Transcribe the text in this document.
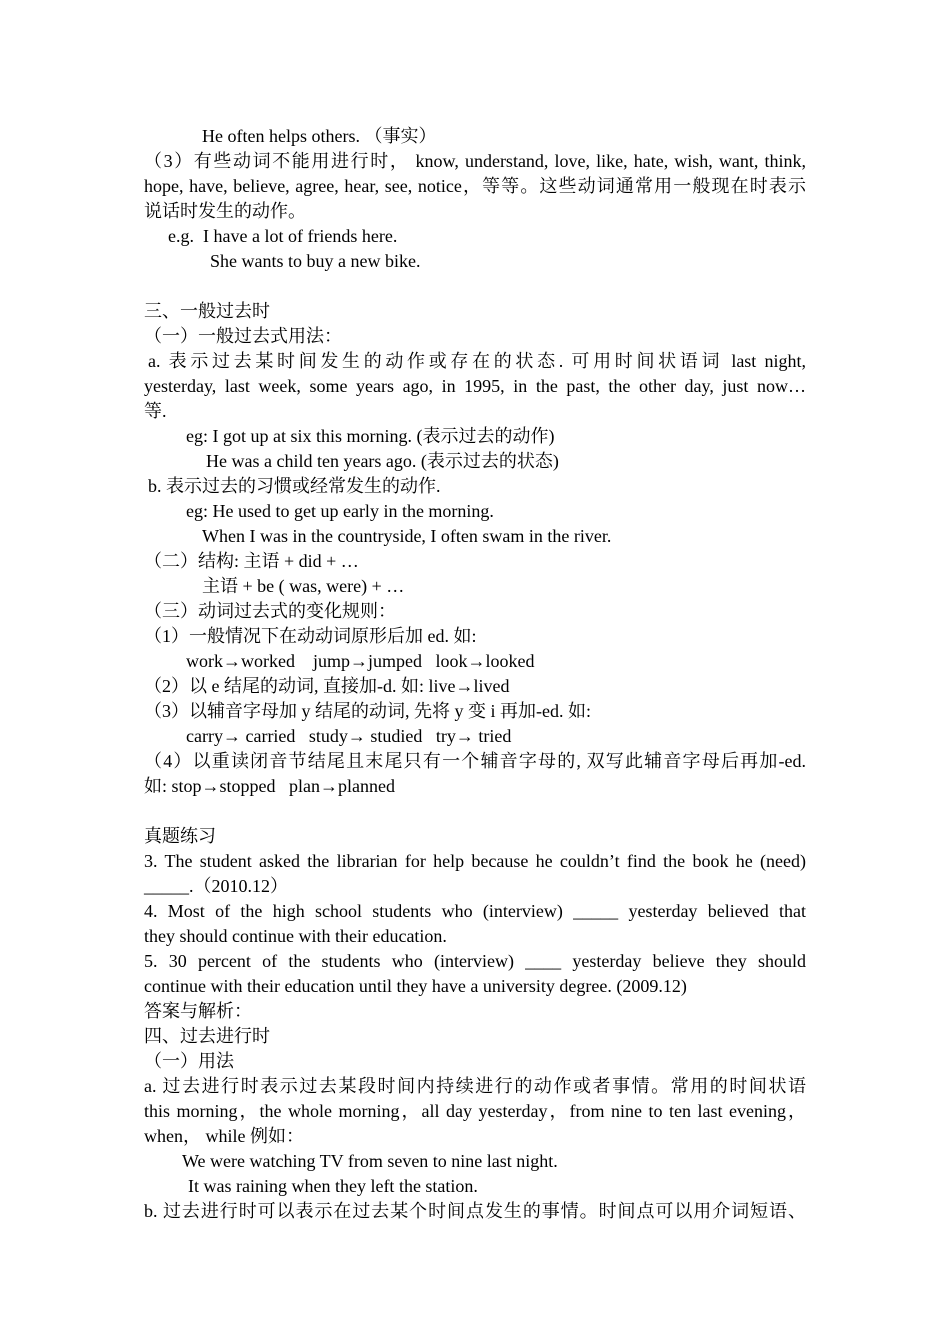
He often helps others. （事实）
（3）有些动词不能用进行时， know, understand, love, like, hate, wish, want, think,
hope, have, believe, agree, hear, see, notice，等等。这些动词通常用一般现在时表示
说话时发生的动作。
e.g.  I have a lot of friends here.
She wants to buy a new bike.
三、一般过去时
（一）一般过去式用法：
a. 表示过去某时间发生的动作或存在的状态. 可用时间状语词 last night,
yesterday, last week, some years ago, in 1995, in the past, the other day, just now…
等.
eg: I got up at six this morning. (表示过去的动作)
He was a child ten years ago. (表示过去的状态)
b. 表示过去的习惯或经常发生的动作.
eg: He used to get up early in the morning.
When I was in the countryside, I often swam in the river.
（二）结构: 主语 + did + …
主语 + be ( was, were) + …
（三）动词过去式的变化规则：
（1）一般情况下在动动词原形后加 ed. 如:
work→worked    jump→jumped   look→looked
（2）以 e 结尾的动词, 直接加-d. 如: live→lived
（3）以辅音字母加 y 结尾的动词, 先将 y 变 i 再加-ed. 如:
carry→ carried   study→ studied   try→ tried
（4）以重读闭音节结尾且末尾只有一个辅音字母的, 双写此辅音字母后再加-ed.
如: stop→stopped   plan→planned
真题练习
3. The student asked the librarian for help because he couldn’t find the book he (need)
_____.（2010.12）
4. Most of the high school students who (interview) _____ yesterday believed that
they should continue with their education.
5. 30 percent of the students who (interview) ____ yesterday believe they should
continue with their education until they have a university degree. (2009.12)
答案与解析：
四、过去进行时
（一）用法
a. 过去进行时表示过去某段时间内持续进行的动作或者事情。常用的时间状语
this morning，the whole morning，all day yesterday，from nine to ten last evening，
when， while 例如：
We were watching TV from seven to nine last night.
It was raining when they left the station.
b. 过去进行时可以表示在过去某个时间点发生的事情。时间点可以用介词短语、
